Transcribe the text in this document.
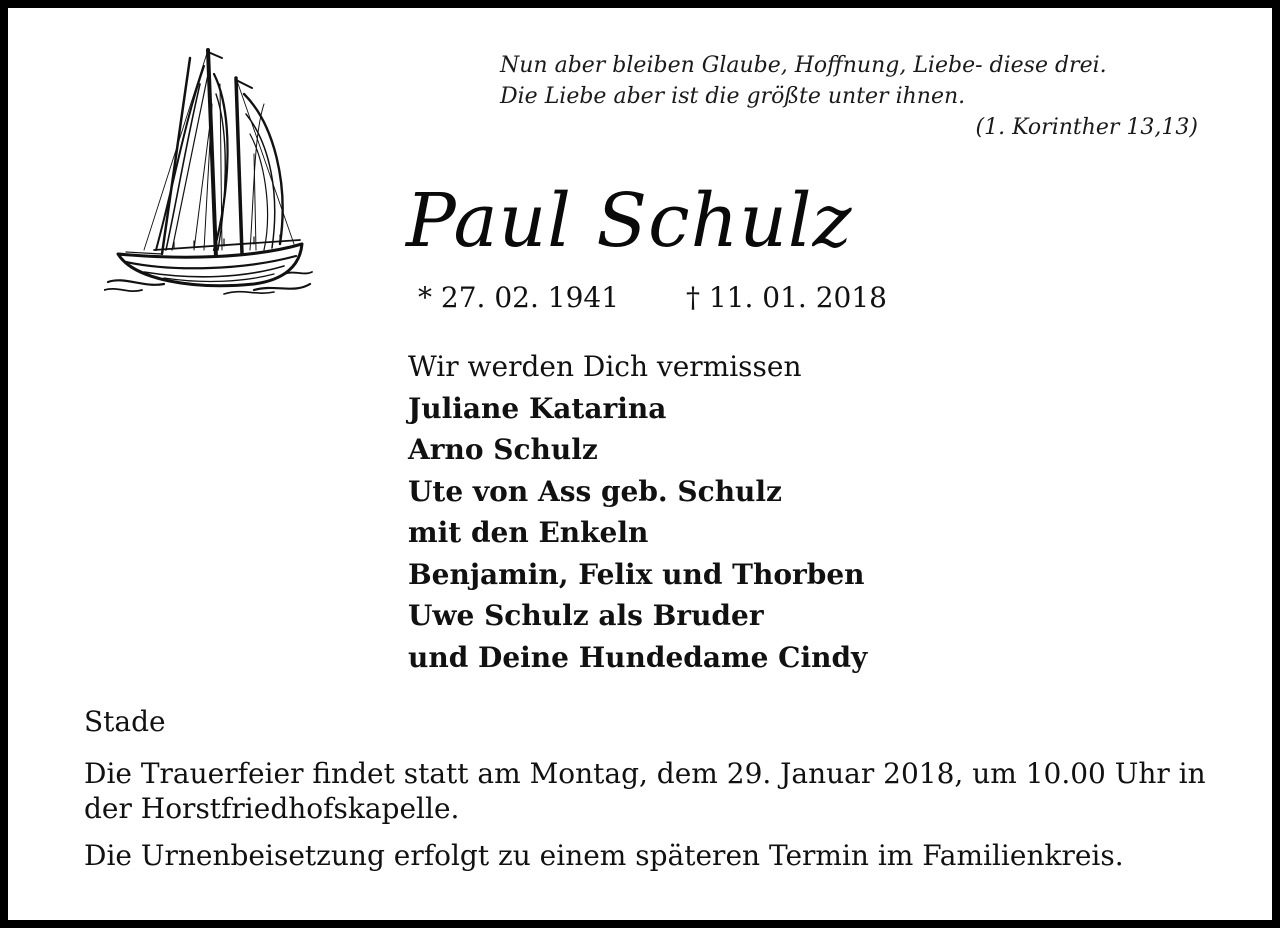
Nun aber bleiben Glaube, Hoffnung, Liebe- diese drei.
Die Liebe aber ist die größte unter ihnen.
(1. Korinther 13,13)
Paul Schulz
* 27. 02. 1941 † 11. 01. 2018
Wir werden Dich vermissen
Juliane Katarina
Arno Schulz
Ute von Ass geb. Schulz
mit den Enkeln
Benjamin, Felix und Thorben
Uwe Schulz als Bruder
und Deine Hundedame Cindy

Stade

Die Trauerfeier findet statt am Montag, dem 29. Januar 2018, um 10.00 Uhr in der Horstfriedhofskapelle.

Die Urnenbeisetzung erfolgt zu einem späteren Termin im Familienkreis.
